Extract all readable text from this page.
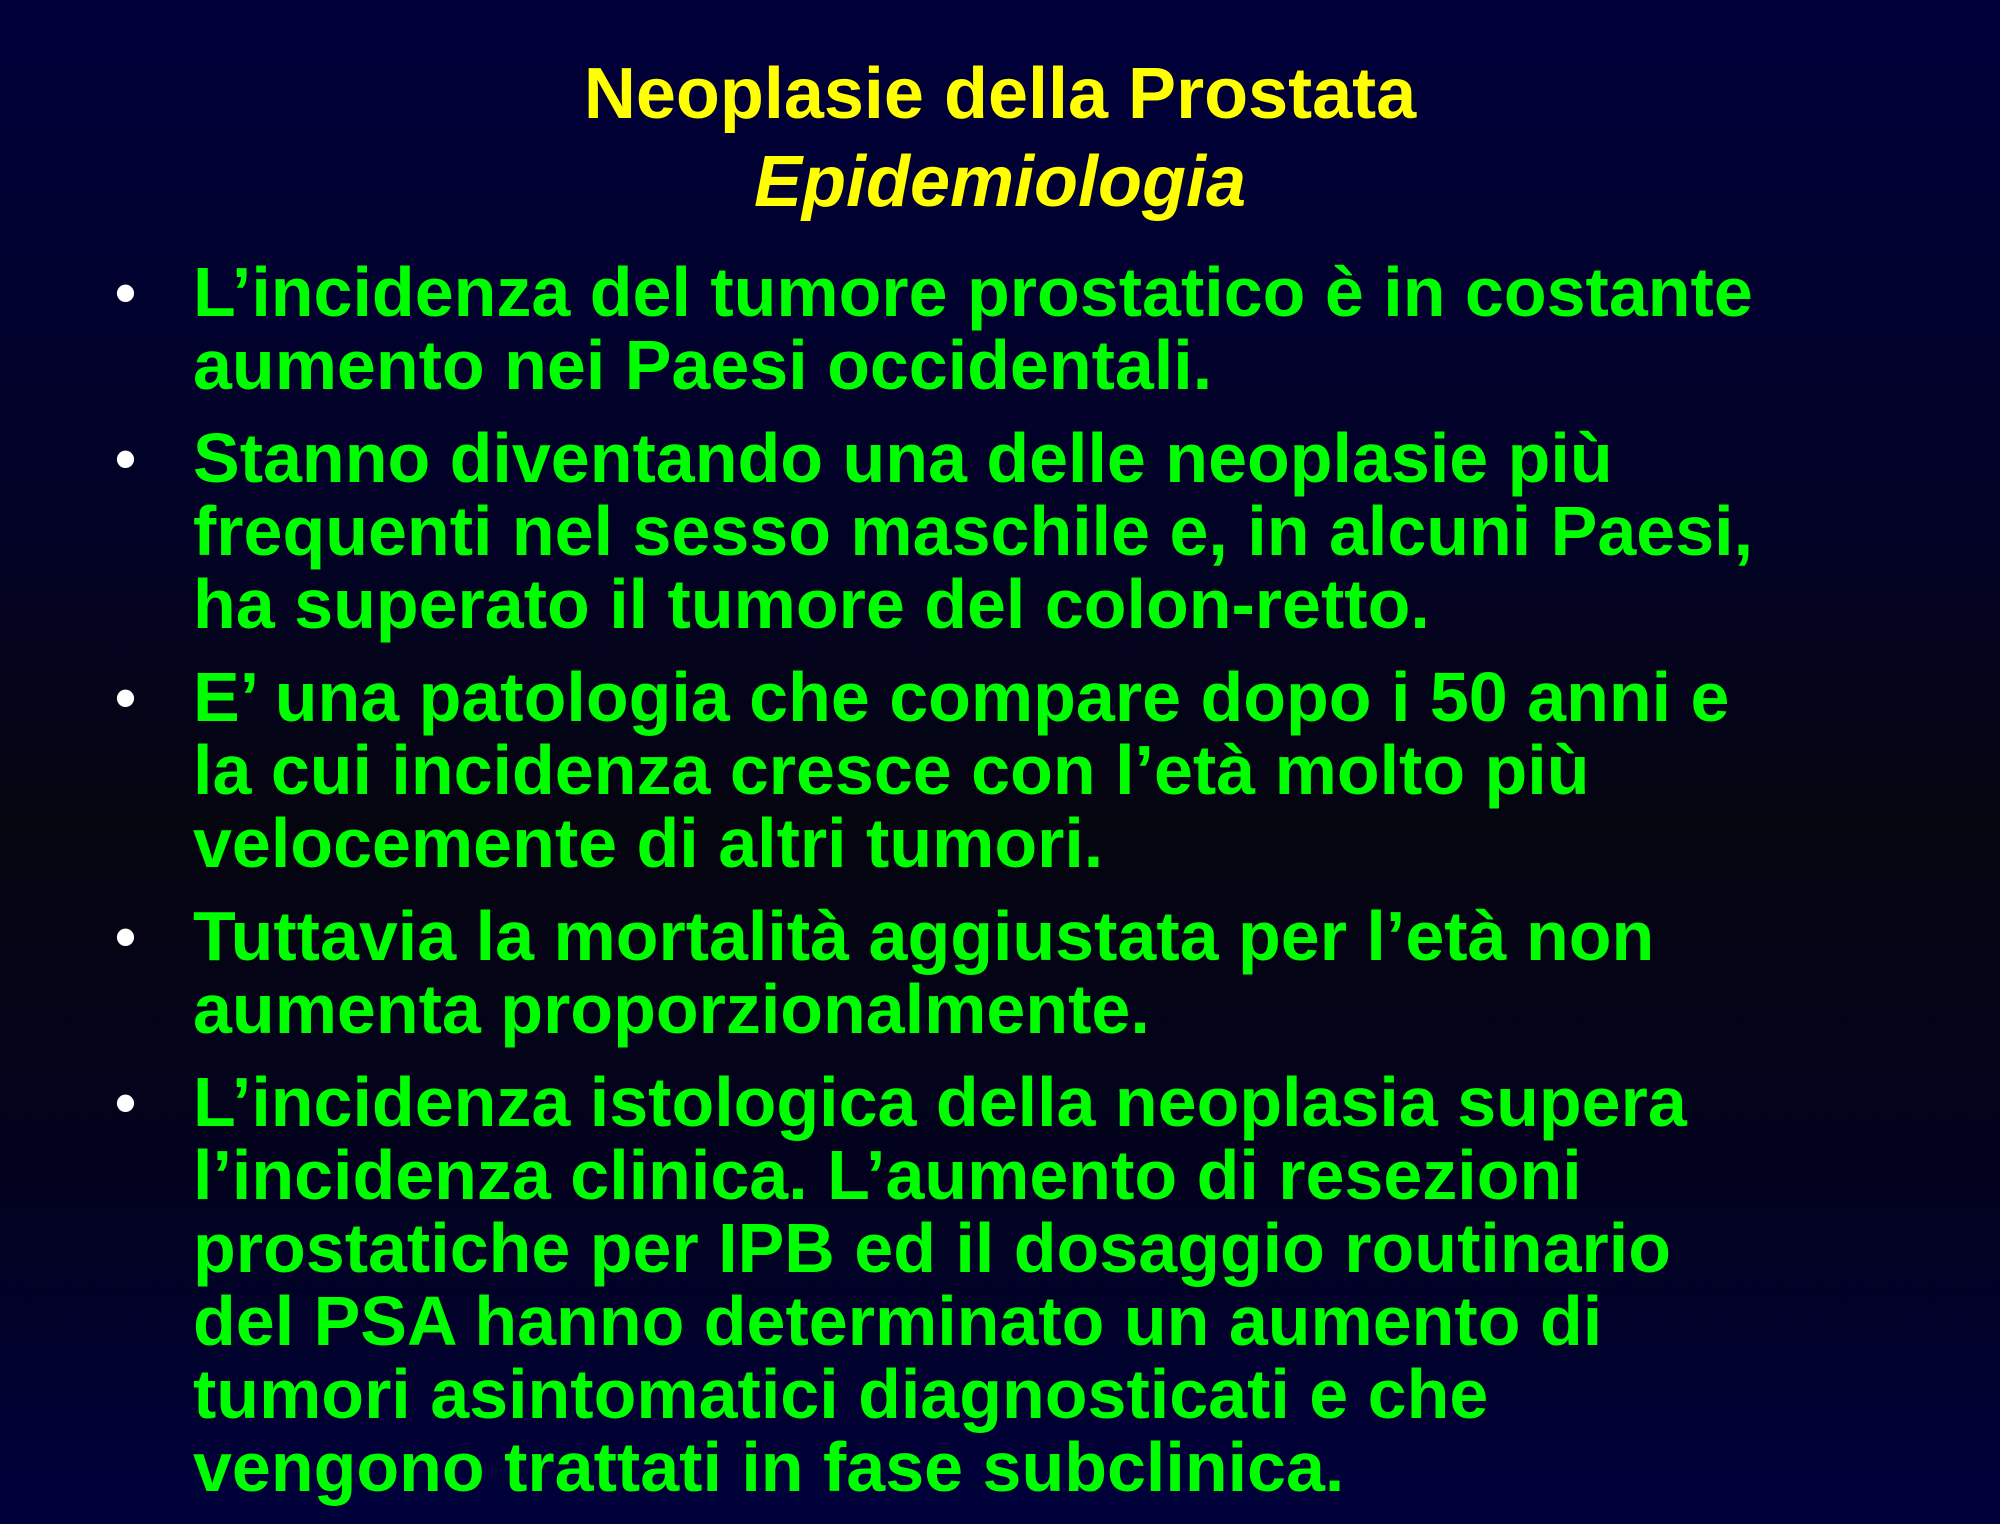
Neoplasie della Prostata
Epidemiologia
• L’incidenza del tumore prostatico è in costante
aumento nei Paesi occidentali.
• Stanno diventando una delle neoplasie più
frequenti nel sesso maschile e, in alcuni Paesi,
ha superato il tumore del colon-retto.
• E’ una patologia che compare dopo i 50 anni e
la cui incidenza cresce con l’età molto più
velocemente di altri tumori.
• Tuttavia la mortalità aggiustata per l’età non
aumenta proporzionalmente.
• L’incidenza istologica della neoplasia supera
l’incidenza clinica. L’aumento di resezioni
prostatiche per IPB ed il dosaggio routinario
del PSA hanno determinato un aumento di
tumori asintomatici diagnosticati e che
vengono trattati in fase subclinica.
